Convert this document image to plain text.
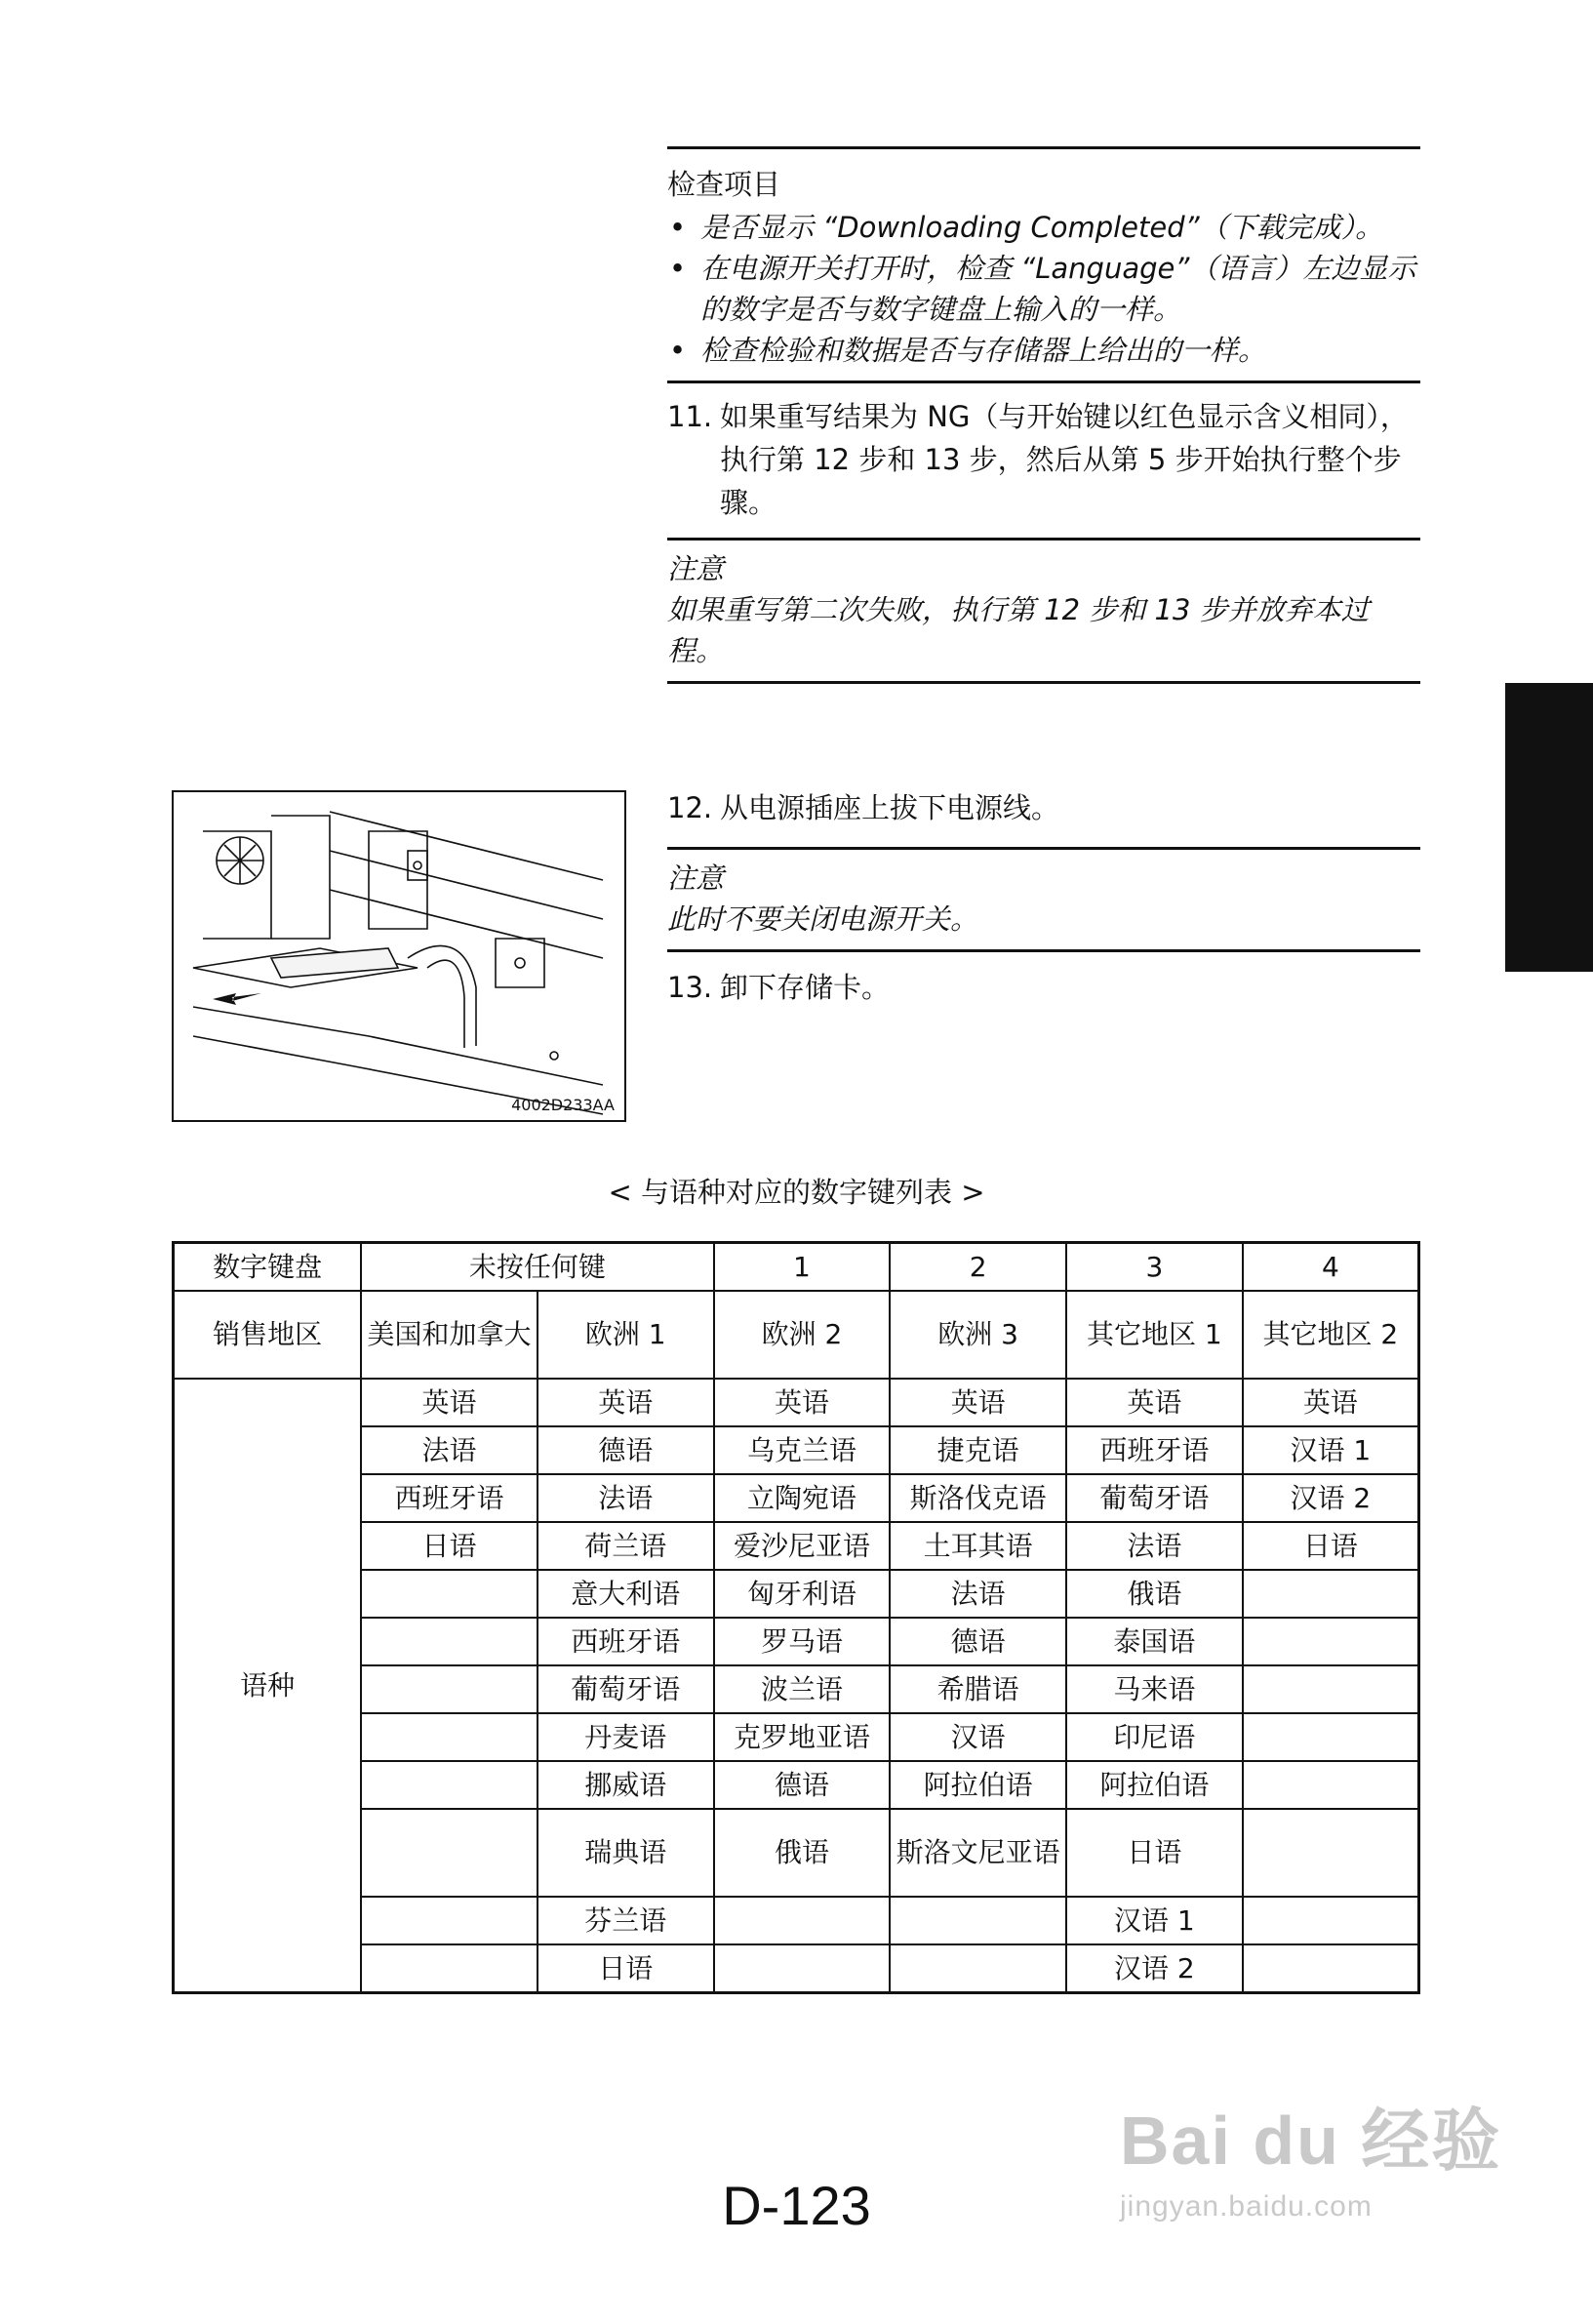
检查项目
• 是否显示 “Downloading Completed”（下载完成）。
• 在电源开关打开时，检查 “Language”（语言）左边显示的数字是否与数字键盘上输入的一样。
• 检查检验和数据是否与存储器上给出的一样。
11. 如果重写结果为 NG（与开始键以红色显示含义相同），执行第 12 步和 13 步，然后从第 5 步开始执行整个步骤。
注意
如果重写第二次失败，执行第 12 步和 13 步并放弃本过程。
4002D233AA
12. 从电源插座上拔下电源线。
注意
此时不要关闭电源开关。
13. 卸下存储卡。
< 与语种对应的数字键列表 >
数字键盘	未按任何键		1	2	3	4
销售地区	美国和加拿大	欧洲 1	欧洲 2	欧洲 3	其它地区 1	其它地区 2
语种	英语	英语	英语	英语	英语	英语
	法语	德语	乌克兰语	捷克语	西班牙语	汉语 1
	西班牙语	法语	立陶宛语	斯洛伐克语	葡萄牙语	汉语 2
	日语	荷兰语	爱沙尼亚语	土耳其语	法语	日语
		意大利语	匈牙利语	法语	俄语	
		西班牙语	罗马语	德语	泰国语	
		葡萄牙语	波兰语	希腊语	马来语	
		丹麦语	克罗地亚语	汉语	印尼语	
		挪威语	德语	阿拉伯语	阿拉伯语	
		瑞典语	俄语	斯洛文尼亚语	日语	
		芬兰语			汉语 1	
		日语			汉语 2	
D-123
Bai du 经验
jingyan.baidu.com
